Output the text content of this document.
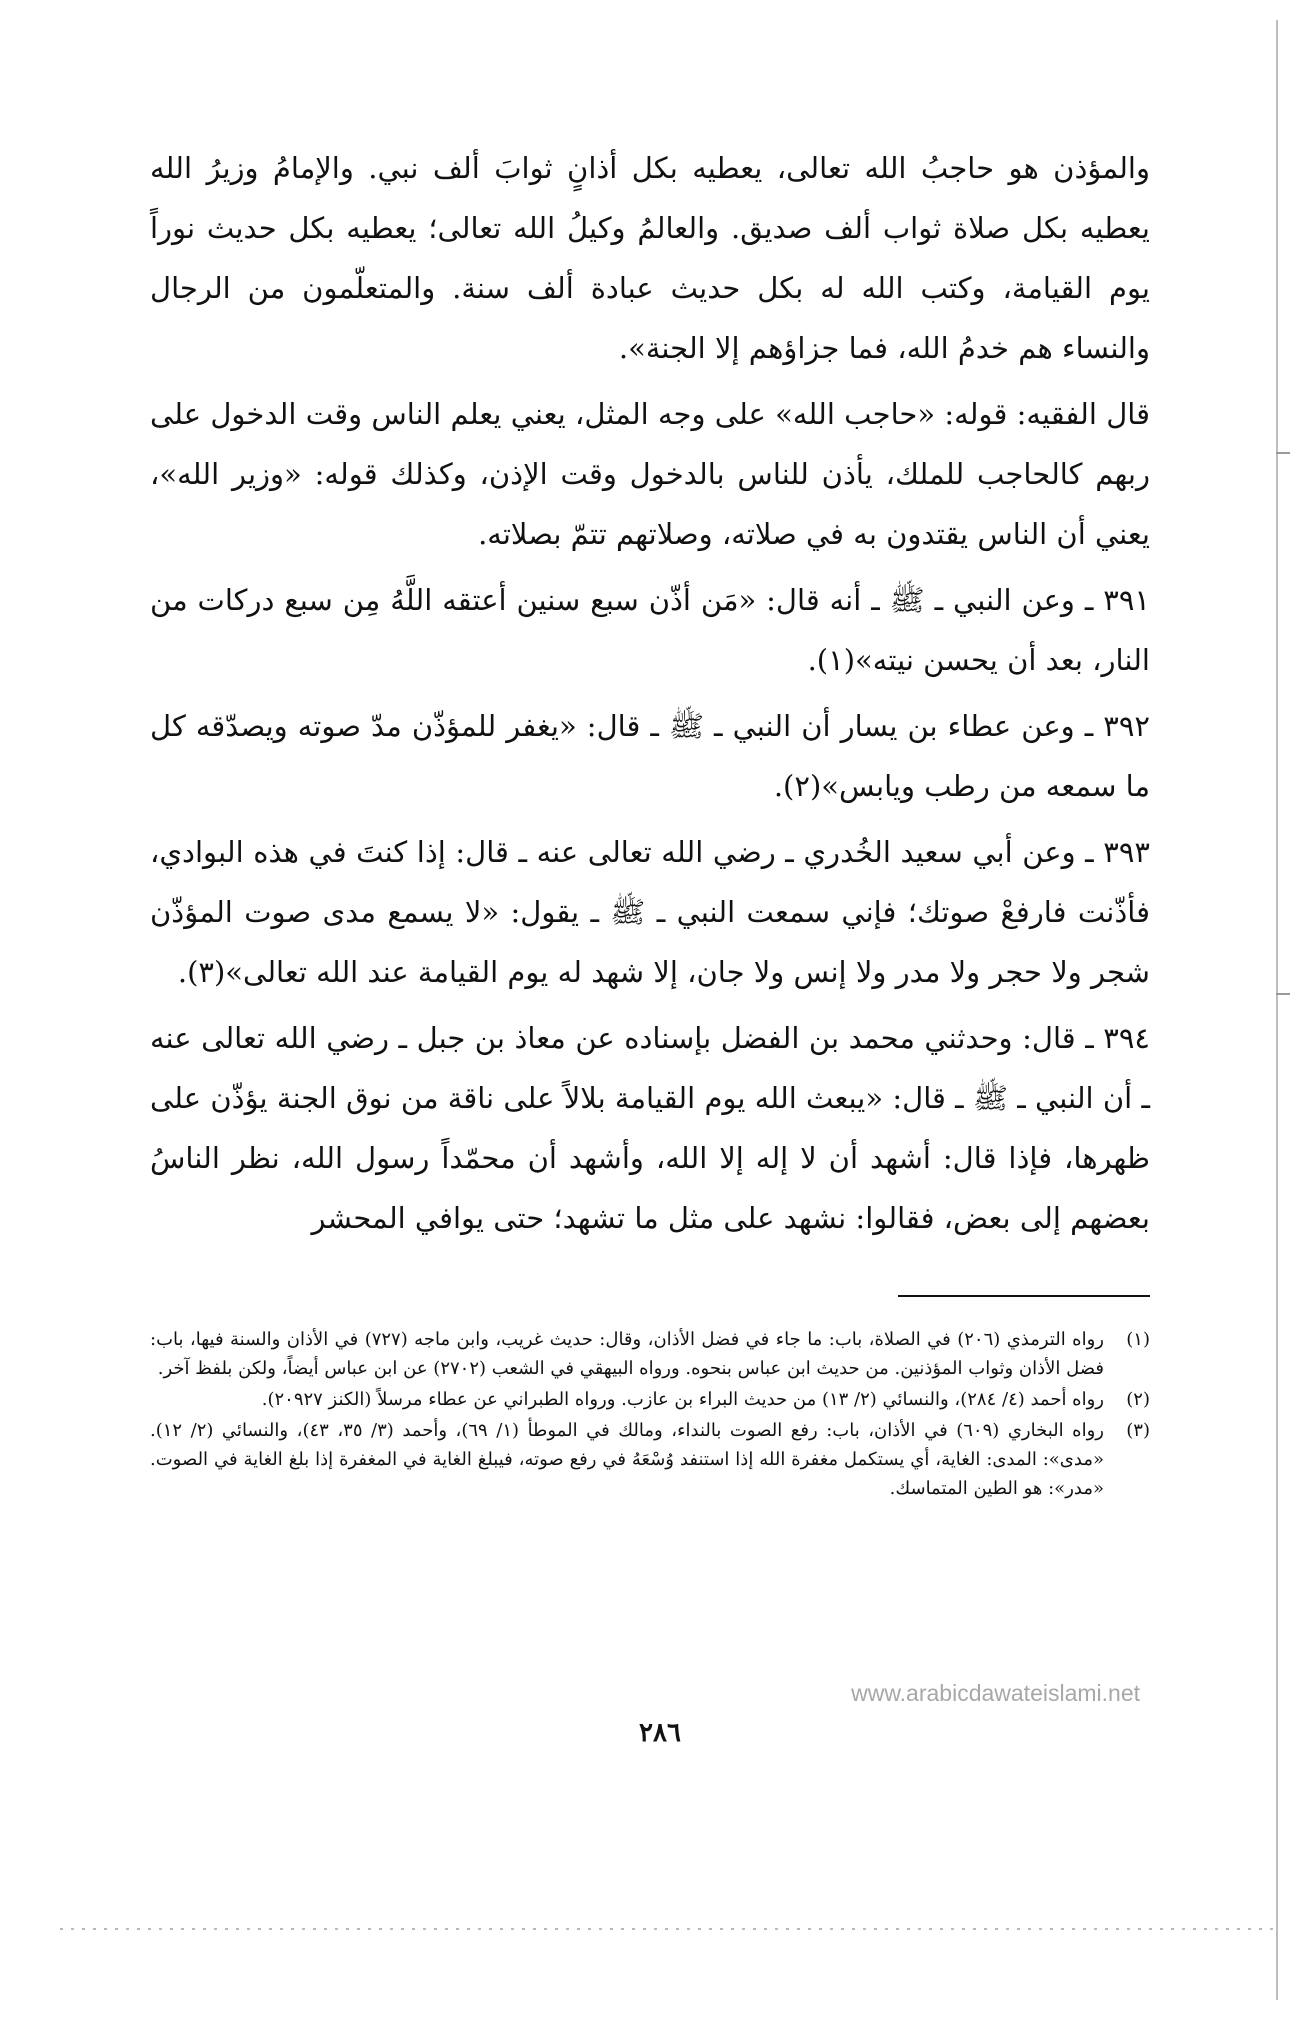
والمؤذن هو حاجبُ الله تعالى، يعطيه بكل أذانٍ ثوابَ ألف نبي. والإمامُ وزيرُ الله يعطيه بكل صلاة ثواب ألف صديق. والعالمُ وكيلُ الله تعالى؛ يعطيه بكل حديث نوراً يوم القيامة، وكتب الله له بكل حديث عبادة ألف سنة. والمتعلّمون من الرجال والنساء هم خدمُ الله، فما جزاؤهم إلا الجنة».

قال الفقيه: قوله: «حاجب الله» على وجه المثل، يعني يعلم الناس وقت الدخول على ربهم كالحاجب للملك، يأذن للناس بالدخول وقت الإذن، وكذلك قوله: «وزير الله»، يعني أن الناس يقتدون به في صلاته، وصلاتهم تتمّ بصلاته.

٣٩١ ـ وعن النبي ـ ﷺ ـ أنه قال: «مَن أذّن سبع سنين أعتقه اللَّهُ مِن سبع دركات من النار، بعد أن يحسن نيته»(١).

٣٩٢ ـ وعن عطاء بن يسار أن النبي ـ ﷺ ـ قال: «يغفر للمؤذّن مدّ صوته ويصدّقه كل ما سمعه من رطب ويابس»(٢).

٣٩٣ ـ وعن أبي سعيد الخُدري ـ رضي الله تعالى عنه ـ قال: إذا كنتَ في هذه البوادي، فأذّنت فارفعْ صوتك؛ فإني سمعت النبي ـ ﷺ ـ يقول: «لا يسمع مدى صوت المؤذّن شجر ولا حجر ولا مدر ولا إنس ولا جان، إلا شهد له يوم القيامة عند الله تعالى»(٣).

٣٩٤ ـ قال: وحدثني محمد بن الفضل بإسناده عن معاذ بن جبل ـ رضي الله تعالى عنه ـ أن النبي ـ ﷺ ـ قال: «يبعث الله يوم القيامة بلالاً على ناقة من نوق الجنة يؤذّن على ظهرها، فإذا قال: أشهد أن لا إله إلا الله، وأشهد أن محمّداً رسول الله، نظر الناسُ بعضهم إلى بعض، فقالوا: نشهد على مثل ما تشهد؛ حتى يوافي المحشر

(١)
رواه الترمذي (٢٠٦) في الصلاة، باب: ما جاء في فضل الأذان، وقال: حديث غريب، وابن ماجه (٧٢٧) في الأذان والسنة فيها، باب: فضل الأذان وثواب المؤذنين. من حديث ابن عباس بنحوه. ورواه البيهقي في الشعب (٢٧٠٢) عن ابن عباس أيضاً، ولكن بلفظ آخر.
(٢)
رواه أحمد (٤/ ٢٨٤)، والنسائي (٢/ ١٣) من حديث البراء بن عازب. ورواه الطبراني عن عطاء مرسلاً (الكنز ٢٠٩٢٧).
(٣)
رواه البخاري (٦٠٩) في الأذان، باب: رفع الصوت بالنداء، ومالك في الموطأ (١/ ٦٩)، وأحمد (٣/ ٣٥، ٤٣)، والنسائي (٢/ ١٢). «مدى»: المدى: الغاية، أي يستكمل مغفرة الله إذا استنفد وُسْعَهُ في رفع صوته، فيبلغ الغاية في المغفرة إذا بلغ الغاية في الصوت. «مدر»: هو الطين المتماسك.
www.arabicdawateislami.net
٢٨٦
